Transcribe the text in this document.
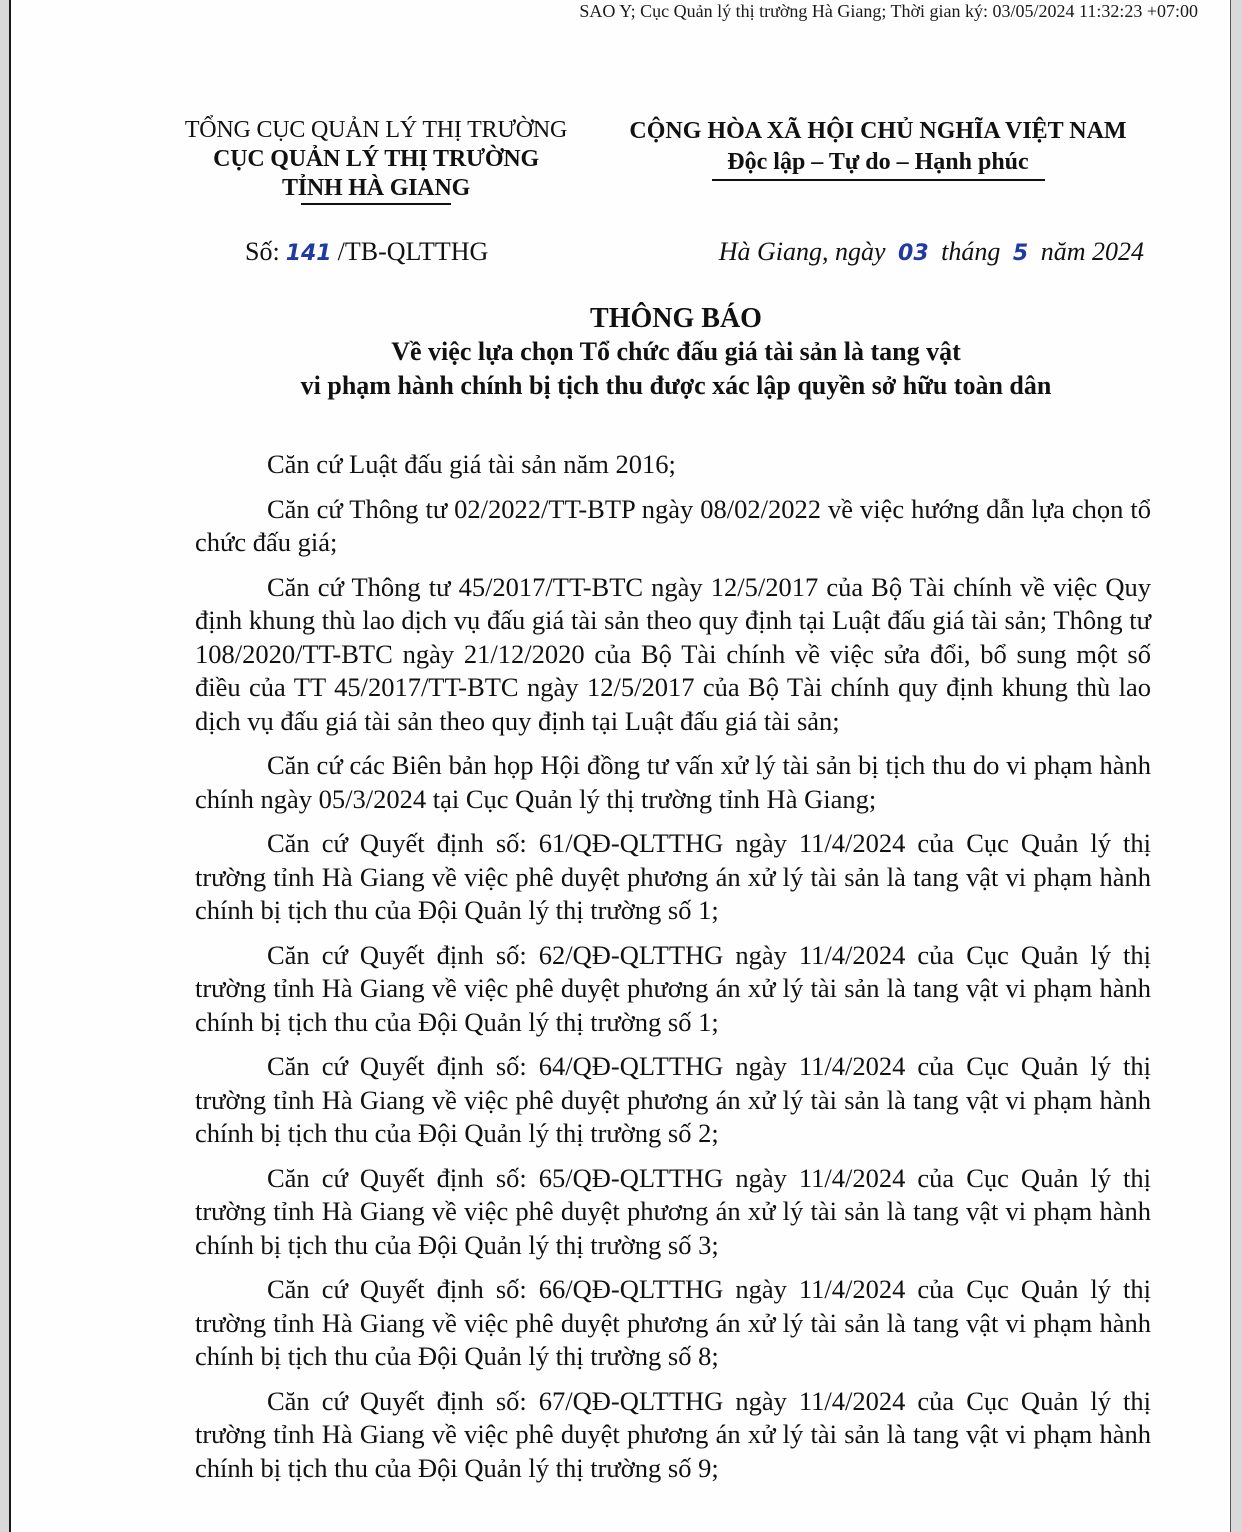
SAO Y; Cục Quản lý thị trường Hà Giang; Thời gian ký: 03/05/2024 11:32:23 +07:00
TỔNG CỤC QUẢN LÝ THỊ TRƯỜNG
CỤC QUẢN LÝ THỊ TRƯỜNG
TỈNH HÀ GIANG
CỘNG HÒA XÃ HỘI CHỦ NGHĨA VIỆT NAM
Độc lập – Tự do – Hạnh phúc
Số: 141 /TB-QLTTHG	Hà Giang, ngày 03 tháng 5 năm 2024
THÔNG BÁO
Về việc lựa chọn Tổ chức đấu giá tài sản là tang vật
vi phạm hành chính bị tịch thu được xác lập quyền sở hữu toàn dân

Căn cứ Luật đấu giá tài sản năm 2016;

Căn cứ Thông tư 02/2022/TT-BTP ngày 08/02/2022 về việc hướng dẫn lựa chọn tổ chức đấu giá;

Căn cứ Thông tư 45/2017/TT-BTC ngày 12/5/2017 của Bộ Tài chính về việc Quy định khung thù lao dịch vụ đấu giá tài sản theo quy định tại Luật đấu giá tài sản; Thông tư 108/2020/TT-BTC ngày 21/12/2020 của Bộ Tài chính về việc sửa đổi, bổ sung một số điều của TT 45/2017/TT-BTC ngày 12/5/2017 của Bộ Tài chính quy định khung thù lao dịch vụ đấu giá tài sản theo quy định tại Luật đấu giá tài sản;

Căn cứ các Biên bản họp Hội đồng tư vấn xử lý tài sản bị tịch thu do vi phạm hành chính ngày 05/3/2024 tại Cục Quản lý thị trường tỉnh Hà Giang;

Căn cứ Quyết định số: 61/QĐ-QLTTHG ngày 11/4/2024 của Cục Quản lý thị trường tỉnh Hà Giang về việc phê duyệt phương án xử lý tài sản là tang vật vi phạm hành chính bị tịch thu của Đội Quản lý thị trường số 1;

Căn cứ Quyết định số: 62/QĐ-QLTTHG ngày 11/4/2024 của Cục Quản lý thị trường tỉnh Hà Giang về việc phê duyệt phương án xử lý tài sản là tang vật vi phạm hành chính bị tịch thu của Đội Quản lý thị trường số 1;

Căn cứ Quyết định số: 64/QĐ-QLTTHG ngày 11/4/2024 của Cục Quản lý thị trường tỉnh Hà Giang về việc phê duyệt phương án xử lý tài sản là tang vật vi phạm hành chính bị tịch thu của Đội Quản lý thị trường số 2;

Căn cứ Quyết định số: 65/QĐ-QLTTHG ngày 11/4/2024 của Cục Quản lý thị trường tỉnh Hà Giang về việc phê duyệt phương án xử lý tài sản là tang vật vi phạm hành chính bị tịch thu của Đội Quản lý thị trường số 3;

Căn cứ Quyết định số: 66/QĐ-QLTTHG ngày 11/4/2024 của Cục Quản lý thị trường tỉnh Hà Giang về việc phê duyệt phương án xử lý tài sản là tang vật vi phạm hành chính bị tịch thu của Đội Quản lý thị trường số 8;

Căn cứ Quyết định số: 67/QĐ-QLTTHG ngày 11/4/2024 của Cục Quản lý thị trường tỉnh Hà Giang về việc phê duyệt phương án xử lý tài sản là tang vật vi phạm hành chính bị tịch thu của Đội Quản lý thị trường số 9;
